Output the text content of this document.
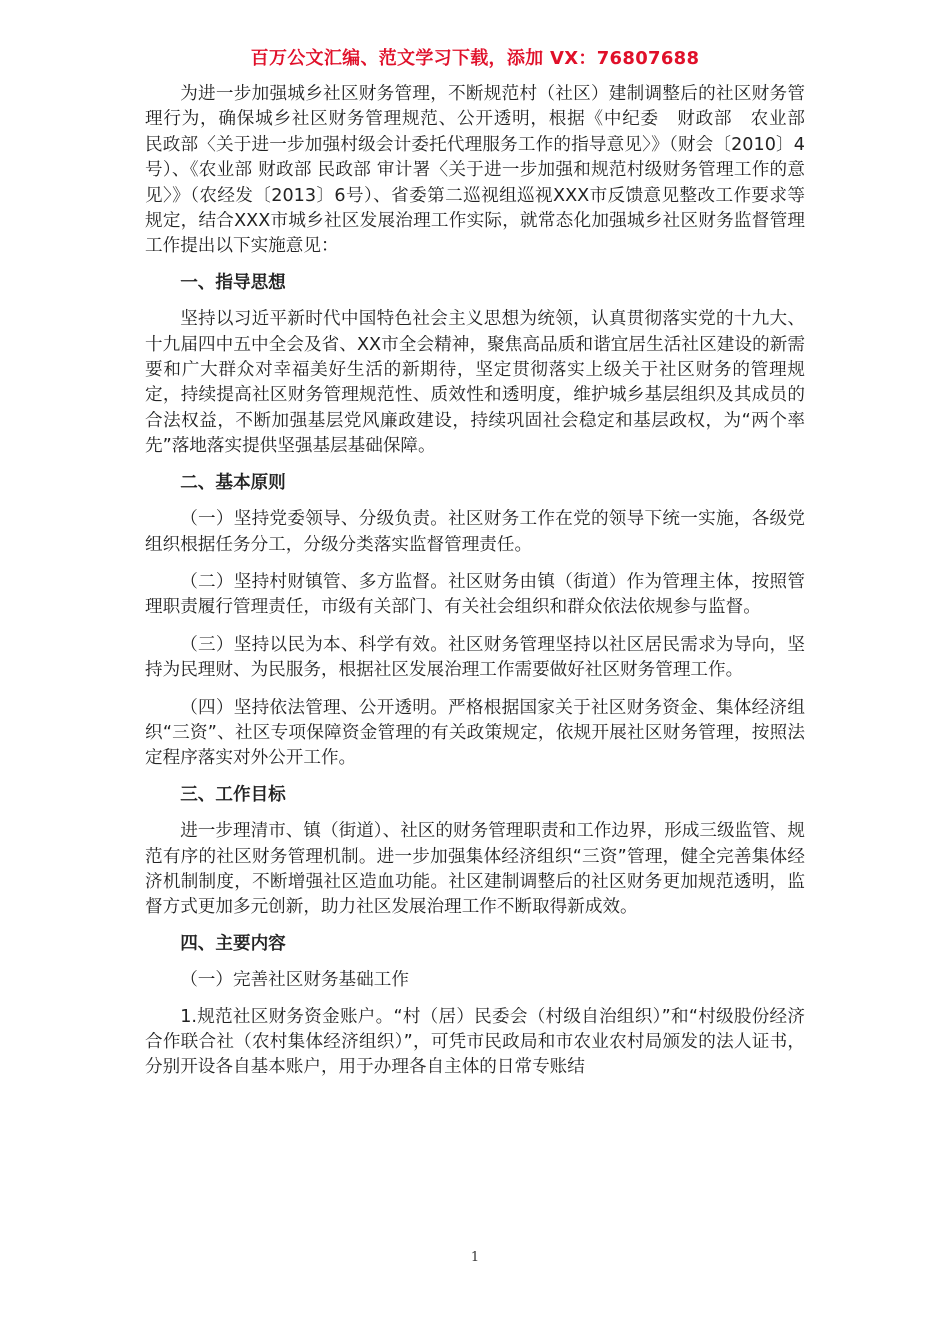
百万公文汇编、范文学习下载，添加 VX：76807688

为进一步加强城乡社区财务管理，不断规范村（社区）建制调整后的社区财务管理行为，确保城乡社区财务管理规范、公开透明，根据《中纪委　财政部　农业部　民政部〈关于进一步加强村级会计委托代理服务工作的指导意见〉》（财会〔2010〕4号）、《农业部 财政部 民政部 审计署〈关于进一步加强和规范村级财务管理工作的意见〉》（农经发〔2013〕6号）、省委第二巡视组巡视XXX市反馈意见整改工作要求等规定，结合XXX市城乡社区发展治理工作实际，就常态化加强城乡社区财务监督管理工作提出以下实施意见：

一、指导思想

坚持以习近平新时代中国特色社会主义思想为统领，认真贯彻落实党的十九大、十九届四中五中全会及省、XX市全会精神，聚焦高品质和谐宜居生活社区建设的新需要和广大群众对幸福美好生活的新期待，坚定贯彻落实上级关于社区财务的管理规定，持续提高社区财务管理规范性、质效性和透明度，维护城乡基层组织及其成员的合法权益，不断加强基层党风廉政建设，持续巩固社会稳定和基层政权，为“两个率先”落地落实提供坚强基层基础保障。

二、基本原则

（一）坚持党委领导、分级负责。社区财务工作在党的领导下统一实施，各级党组织根据任务分工，分级分类落实监督管理责任。

（二）坚持村财镇管、多方监督。社区财务由镇（街道）作为管理主体，按照管理职责履行管理责任，市级有关部门、有关社会组织和群众依法依规参与监督。

（三）坚持以民为本、科学有效。社区财务管理坚持以社区居民需求为导向，坚持为民理财、为民服务，根据社区发展治理工作需要做好社区财务管理工作。

（四）坚持依法管理、公开透明。严格根据国家关于社区财务资金、集体经济组织“三资”、社区专项保障资金管理的有关政策规定，依规开展社区财务管理，按照法定程序落实对外公开工作。

三、工作目标

进一步理清市、镇（街道）、社区的财务管理职责和工作边界，形成三级监管、规范有序的社区财务管理机制。进一步加强集体经济组织“三资”管理，健全完善集体经济机制制度，不断增强社区造血功能。社区建制调整后的社区财务更加规范透明，监督方式更加多元创新，助力社区发展治理工作不断取得新成效。

四、主要内容

（一）完善社区财务基础工作

1.规范社区财务资金账户。“村（居）民委会（村级自治组织）”和“村级股份经济合作联合社（农村集体经济组织）”，可凭市民政局和市农业农村局颁发的法人证书，分别开设各自基本账户，用于办理各自主体的日常专账结

1
